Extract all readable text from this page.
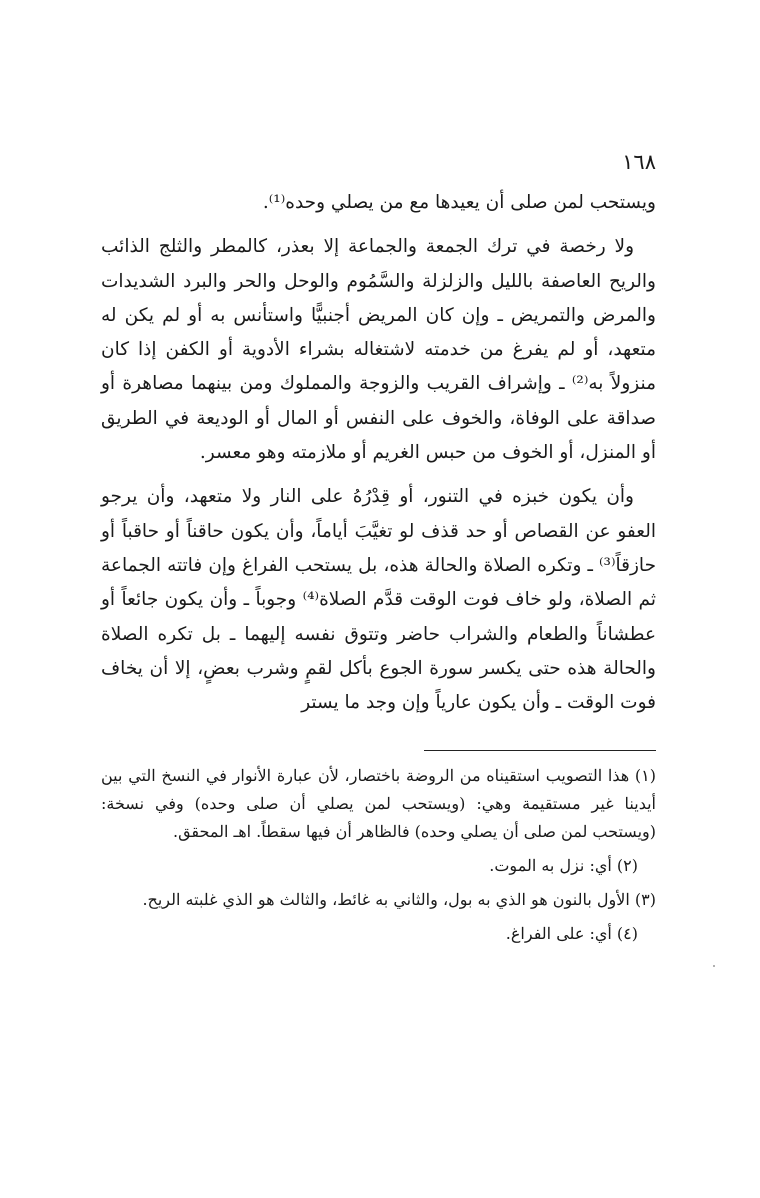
١٦٨

ويستحب لمن صلى أن يعيدها مع من يصلي وحده⁽¹⁾.

ولا رخصة في ترك الجمعة والجماعة إلا بعذر، كالمطر والثلج الذائب والريح العاصفة بالليل والزلزلة والسَّمُوم والوحل والحر والبرد الشديدات والمرض والتمريض ـ وإن كان المريض أجنبيًّا واستأنس به أو لم يكن له متعهد، أو لم يفرغ من خدمته لاشتغاله بشراء الأدوية أو الكفن إذا كان منزولاً به⁽²⁾ ـ وإشراف القريب والزوجة والمملوك ومن بينهما مصاهرة أو صداقة على الوفاة، والخوف على النفس أو المال أو الوديعة في الطريق أو المنزل، أو الخوف من حبس الغريم أو ملازمته وهو معسر.

وأن يكون خبزه في التنور، أو قِدْرُهُ على النار ولا متعهد، وأن يرجو العفو عن القصاص أو حد قذف لو تغيَّبَ أياماً، وأن يكون حاقناً أو حاقباً أو حازقاً⁽³⁾ ـ وتكره الصلاة والحالة هذه، بل يستحب الفراغ وإن فاتته الجماعة ثم الصلاة، ولو خاف فوت الوقت قدَّم الصلاة⁽⁴⁾ وجوباً ـ وأن يكون جائعاً أو عطشاناً والطعام والشراب حاضر وتتوق نفسه إليهما ـ بل تكره الصلاة والحالة هذه حتى يكسر سورة الجوع بأكل لقمٍ وشرب بعضٍ، إلا أن يخاف فوت الوقت ـ وأن يكون عارياً وإن وجد ما يستر

(١) هذا التصويب استقيناه من الروضة باختصار، لأن عبارة الأنوار في النسخ التي بين أيدينا غير مستقيمة وهي: (ويستحب لمن يصلي أن صلى وحده) وفي نسخة: (ويستحب لمن صلى أن يصلي وحده) فالظاهر أن فيها سقطاً. اهـ المحقق.

(٢) أي: نزل به الموت.

(٣) الأول بالنون هو الذي به بول، والثاني به غائط، والثالث هو الذي غلبته الريح.

(٤) أي: على الفراغ.
